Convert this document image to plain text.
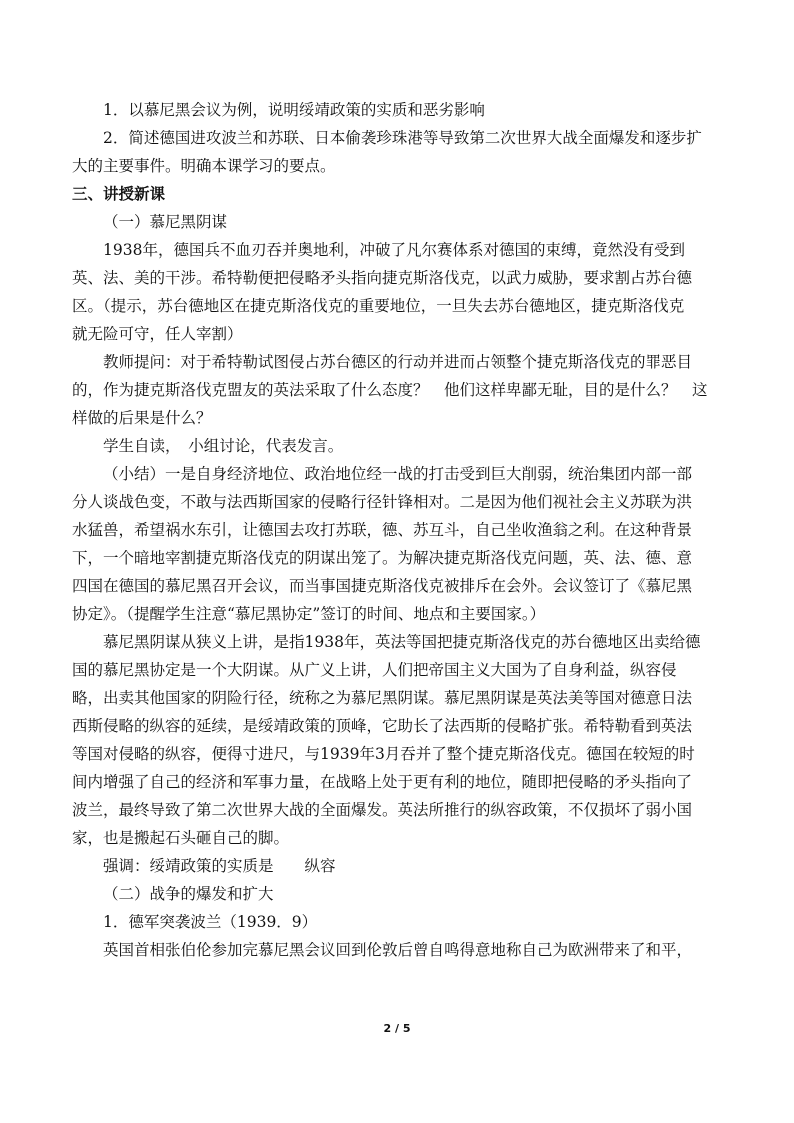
1．以慕尼黑会议为例，说明绥靖政策的实质和恶劣影响
2．简述德国进攻波兰和苏联、日本偷袭珍珠港等导致第二次世界大战全面爆发和逐步扩
大的主要事件。明确本课学习的要点。
三、讲授新课
（一）慕尼黑阴谋
1938年，德国兵不血刃吞并奥地利，冲破了凡尔赛体系对德国的束缚，竟然没有受到
英、法、美的干涉。希特勒便把侵略矛头指向捷克斯洛伐克，以武力威胁，要求割占苏台德
区。（提示，苏台德地区在捷克斯洛伐克的重要地位，一旦失去苏台德地区，捷克斯洛伐克
就无险可守，任人宰割）
教师提问：对于希特勒试图侵占苏台德区的行动并进而占领整个捷克斯洛伐克的罪恶目
的，作为捷克斯洛伐克盟友的英法采取了什么态度？　他们这样卑鄙无耻，目的是什么？　这
样做的后果是什么？
学生自读，　小组讨论，代表发言。
（小结）一是自身经济地位、政治地位经一战的打击受到巨大削弱，统治集团内部一部
分人谈战色变，不敢与法西斯国家的侵略行径针锋相对。二是因为他们视社会主义苏联为洪
水猛兽，希望祸水东引，让德国去攻打苏联，德、苏互斗，自己坐收渔翁之利。在这种背景
下，一个暗地宰割捷克斯洛伐克的阴谋出笼了。为解决捷克斯洛伐克问题，英、法、德、意
四国在德国的慕尼黑召开会议，而当事国捷克斯洛伐克被排斥在会外。会议签订了《慕尼黑
协定》。（提醒学生注意“慕尼黑协定”签订的时间、地点和主要国家。）
慕尼黑阴谋从狭义上讲，是指1938年，英法等国把捷克斯洛伐克的苏台德地区出卖给德
国的慕尼黑协定是一个大阴谋。从广义上讲，人们把帝国主义大国为了自身利益，纵容侵
略，出卖其他国家的阴险行径，统称之为慕尼黑阴谋。慕尼黑阴谋是英法美等国对德意日法
西斯侵略的纵容的延续，是绥靖政策的顶峰，它助长了法西斯的侵略扩张。希特勒看到英法
等国对侵略的纵容，便得寸进尺，与1939年3月吞并了整个捷克斯洛伐克。德国在较短的时
间内增强了自己的经济和军事力量，在战略上处于更有利的地位，随即把侵略的矛头指向了
波兰，最终导致了第二次世界大战的全面爆发。英法所推行的纵容政策，不仅损坏了弱小国
家，也是搬起石头砸自己的脚。
强调：绥靖政策的实质是　　纵容
（二）战争的爆发和扩大
1．德军突袭波兰（1939．9）
英国首相张伯伦参加完慕尼黑会议回到伦敦后曾自鸣得意地称自己为欧洲带来了和平，
2 / 5
